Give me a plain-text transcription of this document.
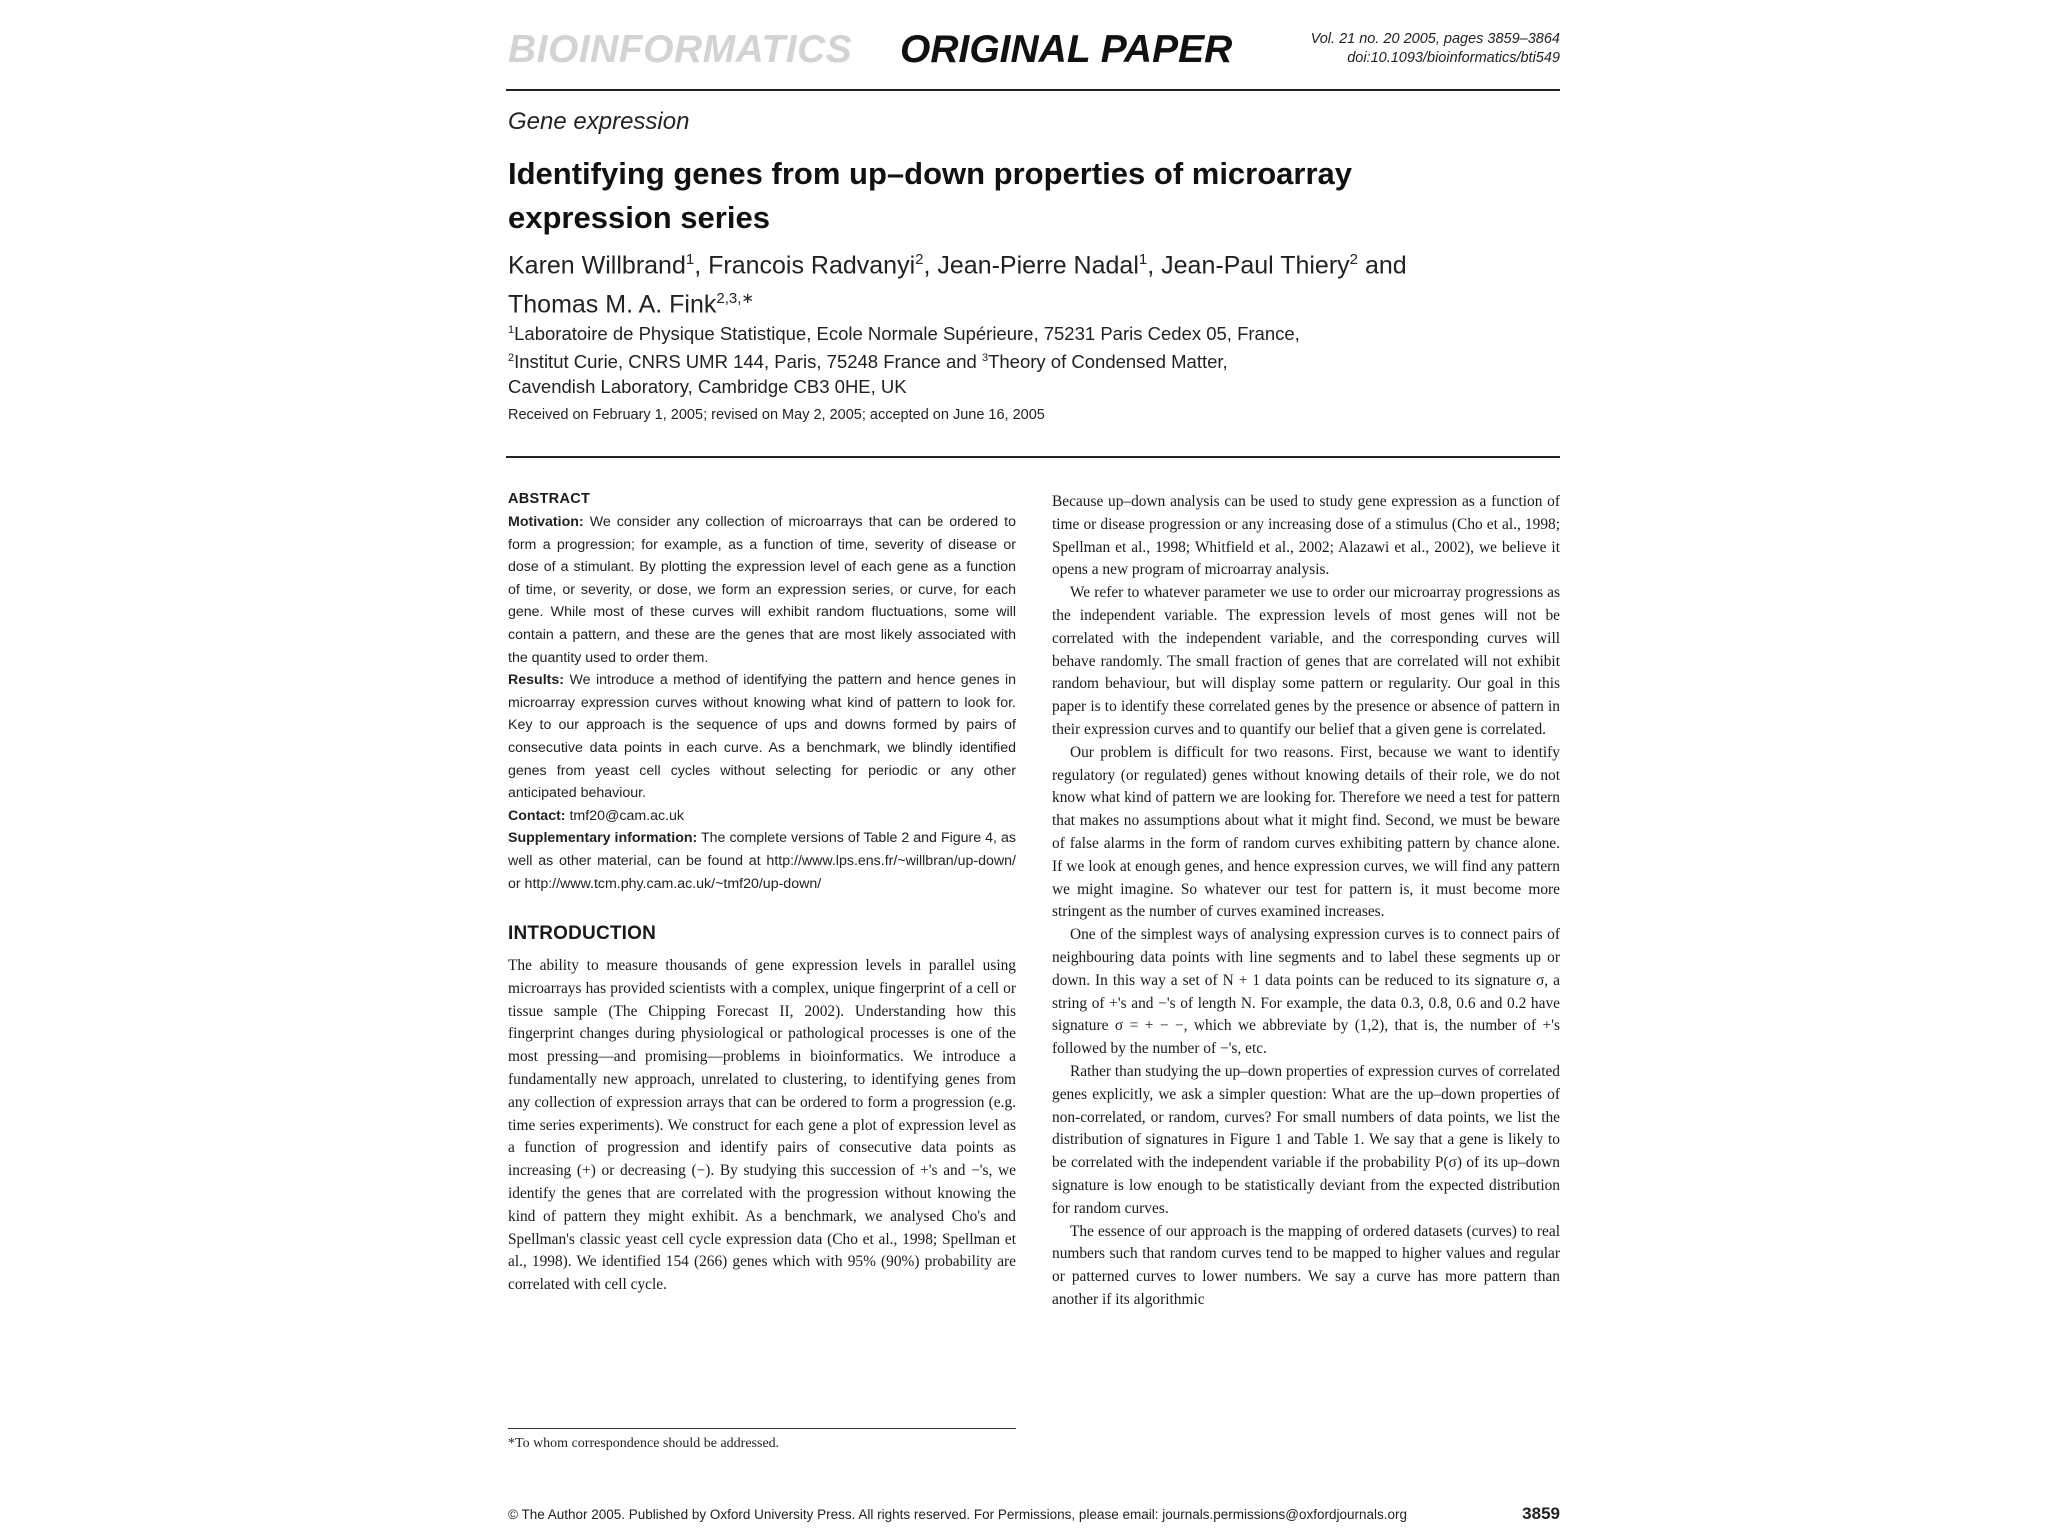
BIOINFORMATICS ORIGINAL PAPER	Vol. 21 no. 20 2005, pages 3859–3864
doi:10.1093/bioinformatics/bti549
Gene expression
Identifying genes from up–down properties of microarray expression series
Karen Willbrand$^1$, Francois Radvanyi$^2$, Jean-Pierre Nadal$^1$, Jean-Paul Thiery$^2$ and
Thomas M. A. Fink$^{2,3,∗}$
$^1$Laboratoire de Physique Statistique, Ecole Normale Supérieure, 75231 Paris Cedex 05, France,
$^2$Institut Curie, CNRS UMR 144, Paris, 75248 France and $^3$Theory of Condensed Matter,
Cavendish Laboratory, Cambridge CB3 0HE, UK
Received on February 1, 2005; revised on May 2, 2005; accepted on June 16, 2005
ABSTRACT

Motivation: We consider any collection of microarrays that can be ordered to form a progression; for example, as a function of time, severity of disease or dose of a stimulant. By plotting the expression level of each gene as a function of time, or severity, or dose, we form an expression series, or curve, for each gene. While most of these curves will exhibit random fluctuations, some will contain a pattern, and these are the genes that are most likely associated with the quantity used to order them.

Results: We introduce a method of identifying the pattern and hence genes in microarray expression curves without knowing what kind of pattern to look for. Key to our approach is the sequence of ups and downs formed by pairs of consecutive data points in each curve. As a benchmark, we blindly identified genes from yeast cell cycles without selecting for periodic or any other anticipated behaviour.

Contact: tmf20@cam.ac.uk

Supplementary information: The complete versions of Table 2 and Figure 4, as well as other material, can be found at http://www.lps.ens.fr/~willbran/up-down/ or http://www.tcm.phy.cam.ac.uk/~tmf20/up-down/

INTRODUCTION

The ability to measure thousands of gene expression levels in parallel using microarrays has provided scientists with a complex, unique fingerprint of a cell or tissue sample (The Chipping Forecast II, 2002). Understanding how this fingerprint changes during physiological or pathological processes is one of the most pressing—and promising—problems in bioinformatics. We introduce a fundamentally new approach, unrelated to clustering, to identifying genes from any collection of expression arrays that can be ordered to form a progression (e.g. time series experiments). We construct for each gene a plot of expression level as a function of progression and identify pairs of consecutive data points as increasing (+) or decreasing (−). By studying this succession of +'s and −'s, we identify the genes that are correlated with the progression without knowing the kind of pattern they might exhibit. As a benchmark, we analysed Cho's and Spellman's classic yeast cell cycle expression data (Cho et al., 1998; Spellman et al., 1998). We identified 154 (266) genes which with 95% (90%) probability are correlated with cell cycle.

Because up–down analysis can be used to study gene expression as a function of time or disease progression or any increasing dose of a stimulus (Cho et al., 1998; Spellman et al., 1998; Whitfield et al., 2002; Alazawi et al., 2002), we believe it opens a new program of microarray analysis.

We refer to whatever parameter we use to order our microarray progressions as the independent variable. The expression levels of most genes will not be correlated with the independent variable, and the corresponding curves will behave randomly. The small fraction of genes that are correlated will not exhibit random behaviour, but will display some pattern or regularity. Our goal in this paper is to identify these correlated genes by the presence or absence of pattern in their expression curves and to quantify our belief that a given gene is correlated.

Our problem is difficult for two reasons. First, because we want to identify regulatory (or regulated) genes without knowing details of their role, we do not know what kind of pattern we are looking for. Therefore we need a test for pattern that makes no assumptions about what it might find. Second, we must be beware of false alarms in the form of random curves exhibiting pattern by chance alone. If we look at enough genes, and hence expression curves, we will find any pattern we might imagine. So whatever our test for pattern is, it must become more stringent as the number of curves examined increases.

One of the simplest ways of analysing expression curves is to connect pairs of neighbouring data points with line segments and to label these segments up or down. In this way a set of N + 1 data points can be reduced to its signature σ, a string of +'s and −'s of length N. For example, the data 0.3, 0.8, 0.6 and 0.2 have signature σ = + − −, which we abbreviate by (1,2), that is, the number of +'s followed by the number of −'s, etc.

Rather than studying the up–down properties of expression curves of correlated genes explicitly, we ask a simpler question: What are the up–down properties of non-correlated, or random, curves? For small numbers of data points, we list the distribution of signatures in Figure 1 and Table 1. We say that a gene is likely to be correlated with the independent variable if the probability P(σ) of its up–down signature is low enough to be statistically deviant from the expected distribution for random curves.

The essence of our approach is the mapping of ordered datasets (curves) to real numbers such that random curves tend to be mapped to higher values and regular or patterned curves to lower numbers. We say a curve has more pattern than another if its algorithmic

*To whom correspondence should be addressed.
© The Author 2005. Published by Oxford University Press. All rights reserved. For Permissions, please email: journals.permissions@oxfordjournals.org	3859
